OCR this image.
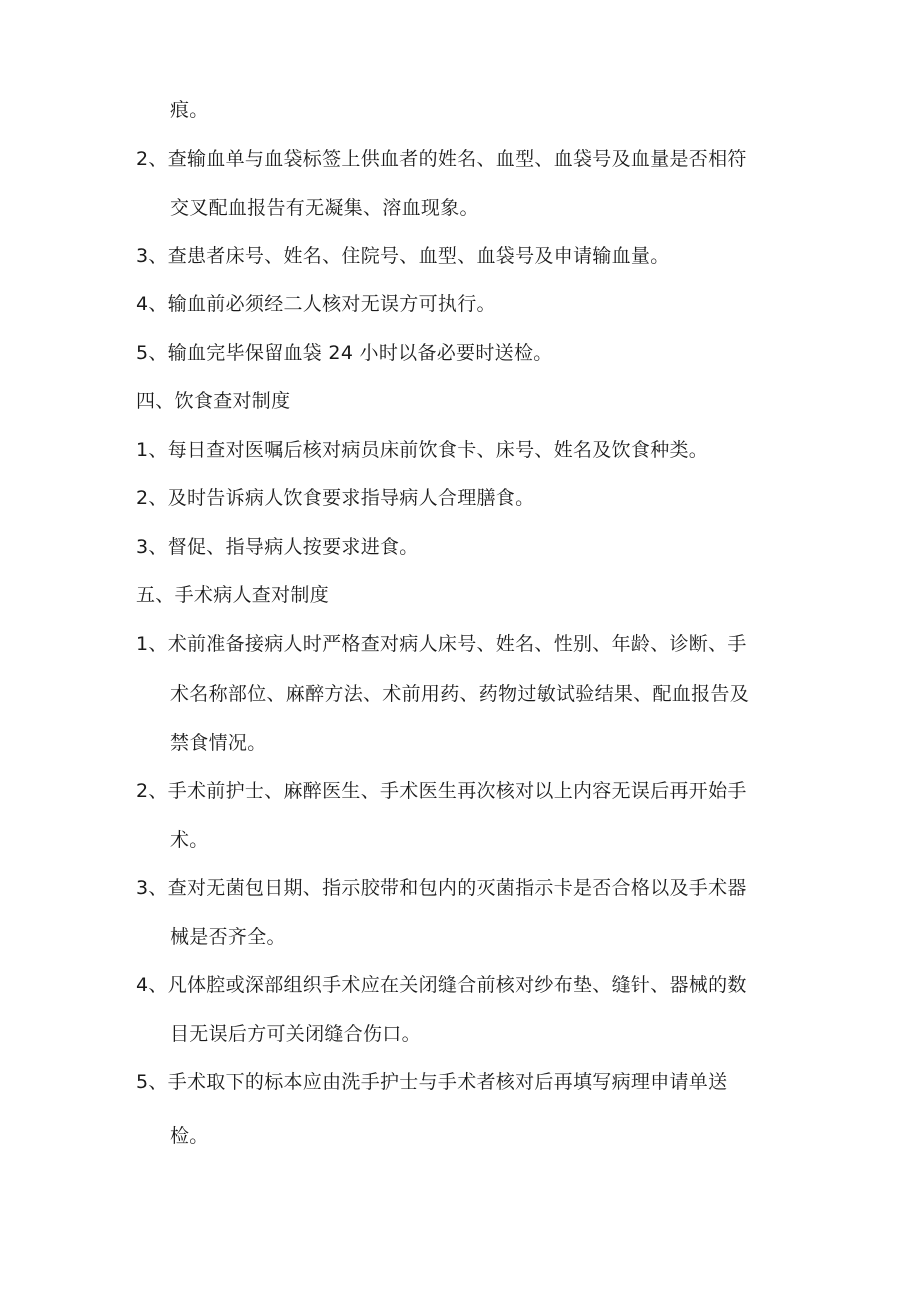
痕。
2、查输血单与血袋标签上供血者的姓名、血型、血袋号及血量是否相符
交叉配血报告有无凝集、溶血现象。
3、查患者床号、姓名、住院号、血型、血袋号及申请输血量。
4、输血前必须经二人核对无误方可执行。
5、输血完毕保留血袋 24 小时以备必要时送检。
四、饮食查对制度
1、每日查对医嘱后核对病员床前饮食卡、床号、姓名及饮食种类。
2、及时告诉病人饮食要求指导病人合理膳食。
3、督促、指导病人按要求进食。
五、手术病人查对制度
1、术前准备接病人时严格查对病人床号、姓名、性别、年龄、诊断、手
术名称部位、麻醉方法、术前用药、药物过敏试验结果、配血报告及
禁食情况。
2、手术前护士、麻醉医生、手术医生再次核对以上内容无误后再开始手
术。
3、查对无菌包日期、指示胶带和包内的灭菌指示卡是否合格以及手术器
械是否齐全。
4、凡体腔或深部组织手术应在关闭缝合前核对纱布垫、缝针、器械的数
目无误后方可关闭缝合伤口。
5、手术取下的标本应由洗手护士与手术者核对后再填写病理申请单送
检。
